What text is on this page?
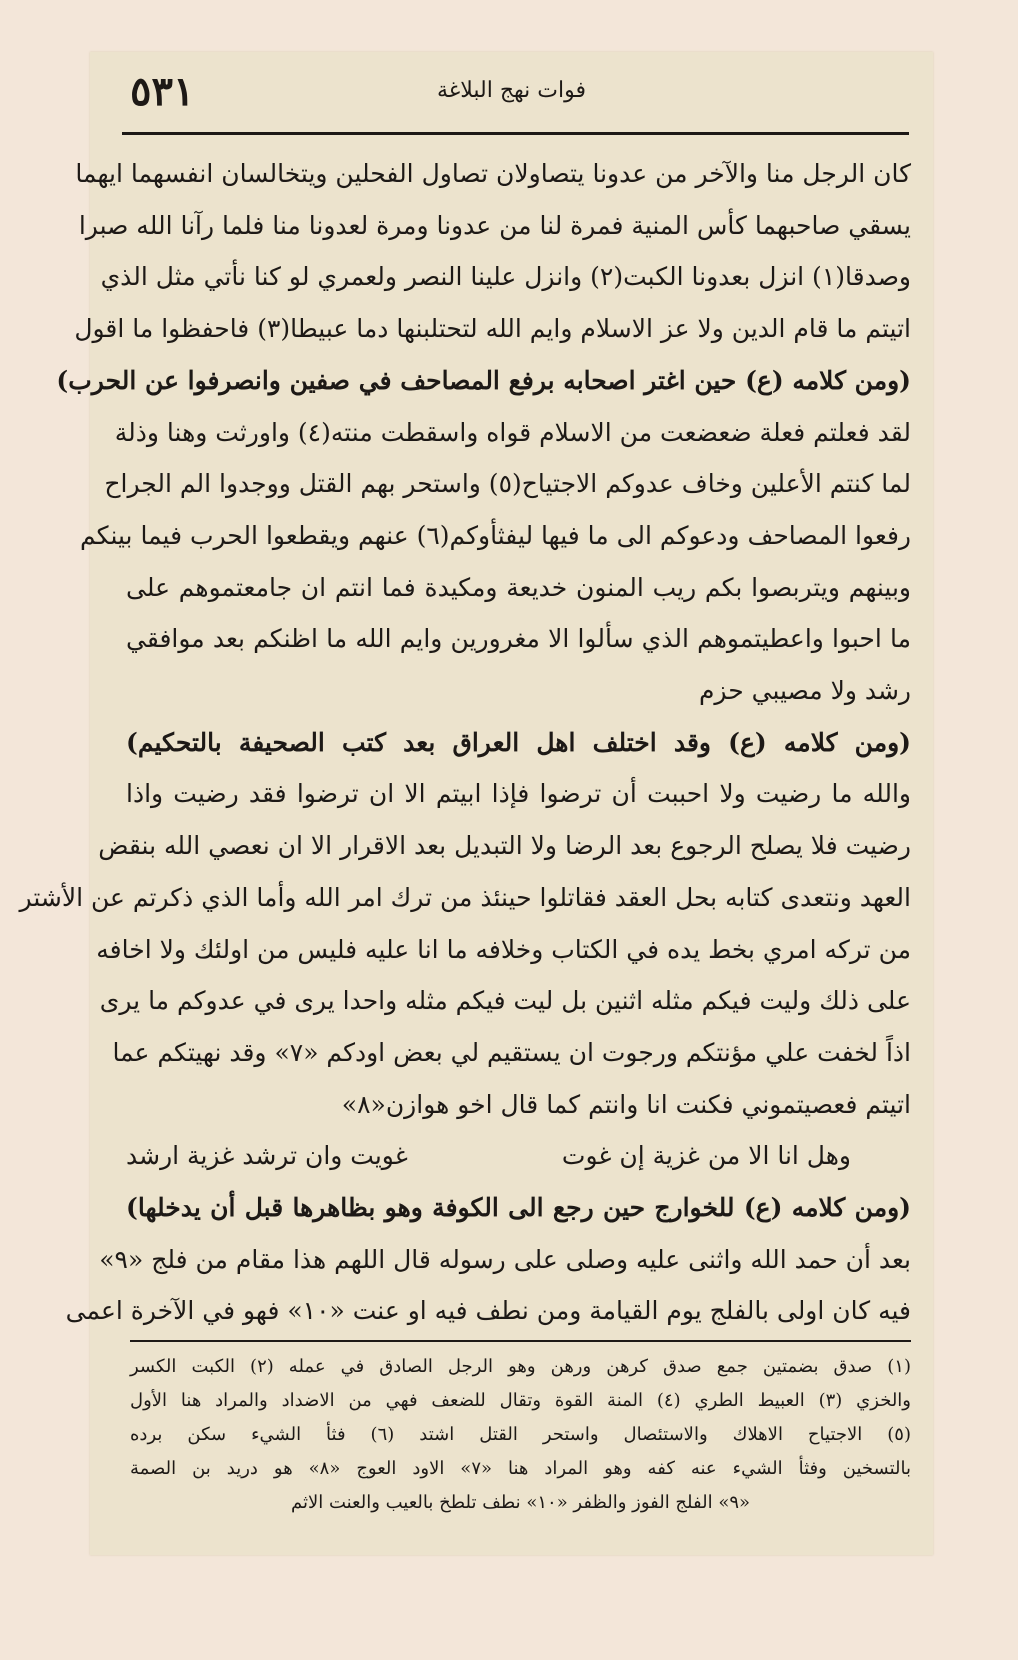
٥٣١	فوات نهج البلاغة
كان الرجل منا والآخر من عدونا يتصاولان تصاول الفحلين ويتخالسان انفسهما ايهما
يسقي صاحبهما كأس المنية فمرة لنا من عدونا ومرة لعدونا منا فلما رآنا الله صبرا
وصدقا(١) انزل بعدونا الكبت(٢) وانزل علينا النصر ولعمري لو كنا نأتي مثل الذي
اتيتم ما قام الدين ولا عز الاسلام وايم الله لتحتلبنها دما عبيطا(٣) فاحفظوا ما اقول
(ومن كلامه (ع) حين اغتر اصحابه برفع المصاحف في صفين وانصرفوا عن الحرب)
لقد فعلتم فعلة ضعضعت من الاسلام قواه واسقطت منته(٤) واورثت وهنا وذلة
لما كنتم الأعلين وخاف عدوكم الاجتياح(٥) واستحر بهم القتل ووجدوا الم الجراح
رفعوا المصاحف ودعوكم الى ما فيها ليفثأوكم(٦) عنهم ويقطعوا الحرب فيما بينكم
وبينهم ويتربصوا بكم ريب المنون خديعة ومكيدة فما انتم ان جامعتموهم على
ما احبوا واعطيتموهم الذي سألوا الا مغرورين وايم الله ما اظنكم بعد موافقي
رشد ولا مصيبي حزم
(ومن كلامه (ع) وقد اختلف اهل العراق بعد كتب الصحيفة بالتحكيم)
والله ما رضيت ولا احببت أن ترضوا فإذا ابيتم الا ان ترضوا فقد رضيت واذا
رضيت فلا يصلح الرجوع بعد الرضا ولا التبديل بعد الاقرار الا ان نعصي الله بنقض
العهد ونتعدى كتابه بحل العقد فقاتلوا حينئذ من ترك امر الله وأما الذي ذكرتم عن الأشتر
من تركه امري بخط يده في الكتاب وخلافه ما انا عليه فليس من اولئك ولا اخافه
على ذلك وليت فيكم مثله اثنين بل ليت فيكم مثله واحدا يرى في عدوكم ما يرى
اذاً لخفت علي مؤنتكم ورجوت ان يستقيم لي بعض اودكم «٧» وقد نهيتكم عما
اتيتم فعصيتموني فكنت انا وانتم كما قال اخو هوازن«٨»
وهل انا الا من غزية إن غوت
غويت وان ترشد غزية ارشد
(ومن كلامه (ع) للخوارج حين رجع الى الكوفة وهو بظاهرها قبل أن يدخلها)
بعد أن حمد الله واثنى عليه وصلى على رسوله قال اللهم هذا مقام من فلج «٩»
فيه كان اولى بالفلج يوم القيامة ومن نطف فيه او عنت «١٠» فهو في الآخرة اعمى
(١) صدق بضمتين جمع صدق كرهن ورهن وهو الرجل الصادق في عمله (٢) الكبت الكسر
والخزي (٣) العبيط الطري (٤) المنة القوة وتقال للضعف فهي من الاضداد والمراد هنا الأول
(٥) الاجتياح الاهلاك والاستئصال واستحر القتل اشتد (٦) فثأ الشيء سكن برده
بالتسخين وفثأ الشيء عنه كفه وهو المراد هنا «٧» الاود العوج «٨» هو دريد بن الصمة
«٩» الفلج الفوز والظفر «١٠» نطف تلطخ بالعيب والعنت الاثم
